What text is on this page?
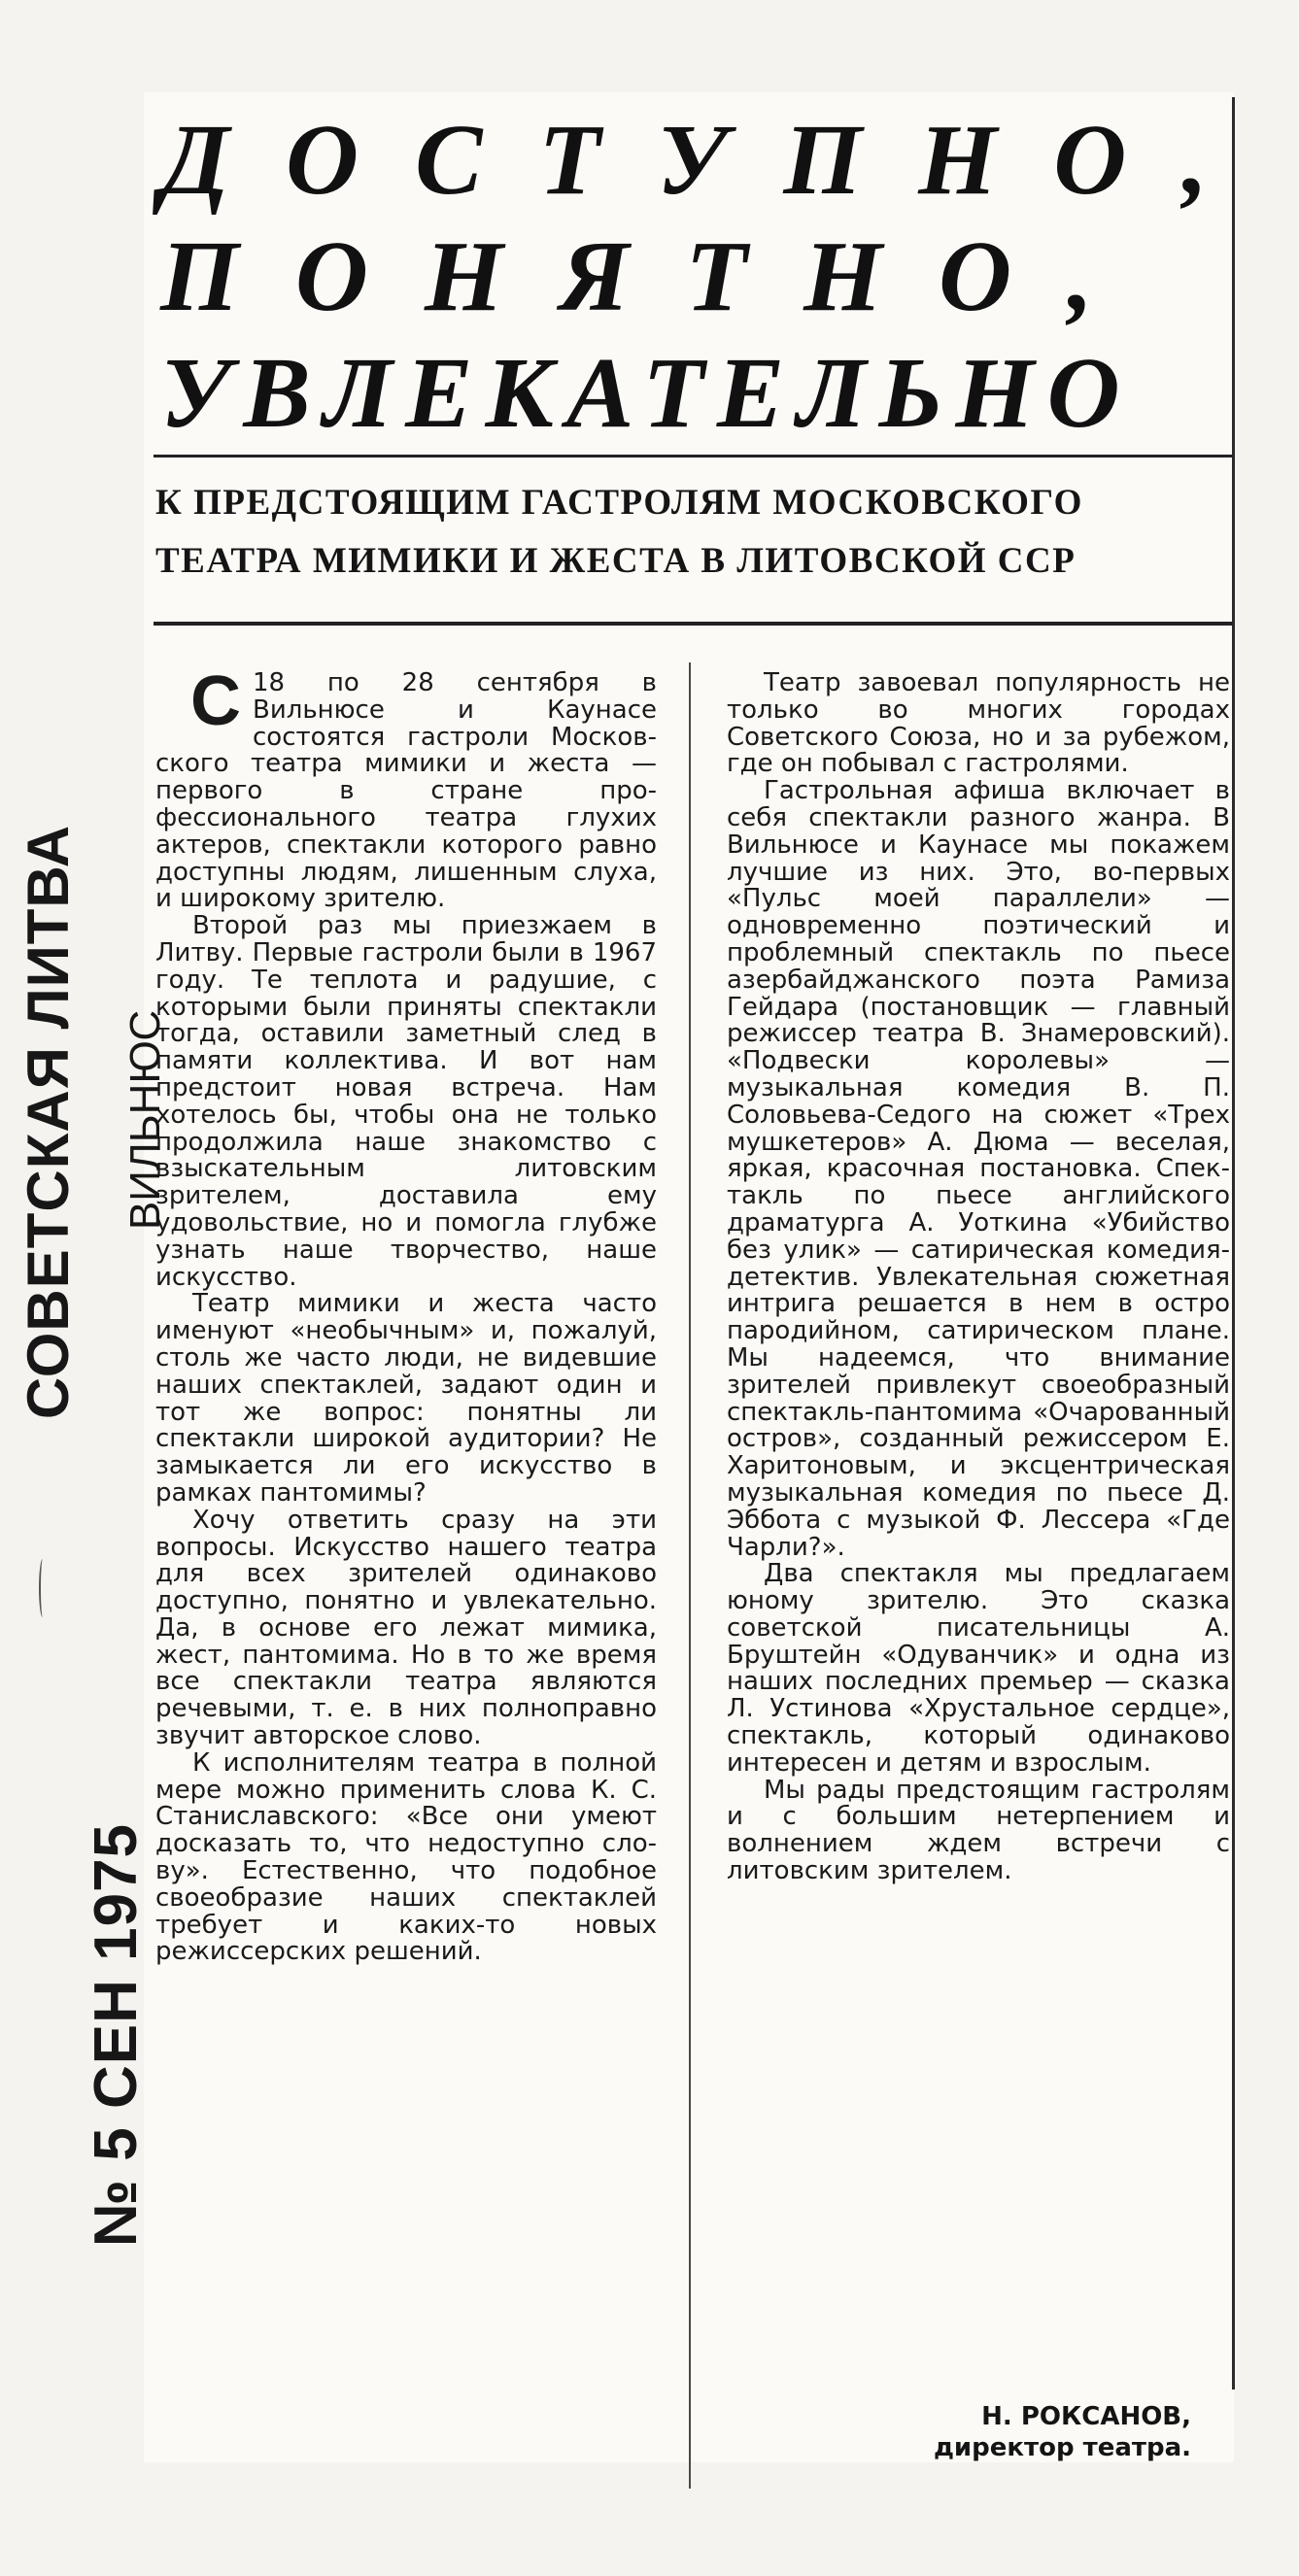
ДОСТУПНО,
ПОНЯТНО,
УВЛЕКАТЕЛЬНО
К ПРЕДСТОЯЩИМ ГАСТРОЛЯМ МОСКОВСКОГО
ТЕАТРА МИМИКИ И ЖЕСТА В ЛИТОВСКОЙ ССР

С 18 по 28 сентября в Вильнюсе и Каунасе состоятся гастроли Московского театра мимики и жеста — первого в стране профессионального театра глухих актеров, спектакли которого равно доступны людям, лишенным слуха, и широкому зрителю.

Второй раз мы приезжаем в Литву. Первые гастроли были в 1967 году. Те теплота и радушие, с которыми были приняты спектакли тогда, оставили заметный след в памяти коллектива. И вот нам предстоит новая встреча. Нам хотелось бы, чтобы она не только продолжила наше знакомство с взыскательным литовским зрителем, доставила ему удовольствие, но и помогла глубже узнать наше творчество, наше искусство.

Театр мимики и жеста часто именуют «необычным» и, пожалуй, столь же часто люди, не видевшие наших спектаклей, задают один и тот же вопрос: понятны ли спектакли широкой аудитории? Не замыкается ли его искусство в рамках пантомимы?

Хочу ответить сразу на эти вопросы. Искусство нашего театра для всех зрителей одинаково доступно, понятно и увлекательно. Да, в основе его лежат мимика, жест, пантомима. Но в то же время все спектакли театра являются речевыми, т. е. в них полноправно звучит авторское слово.

К исполнителям театра в полной мере можно применить слова К. С. Станиславского: «Все они умеют досказать то, что недоступно слову». Естественно, что подобное своеобразие наших спектаклей требует и каких-то новых режиссерских решений.

Театр завоевал популярность не только во многих городах Советского Союза, но и за рубежом, где он побывал с гастролями.

Гастрольная афиша включает в себя спектакли разного жанра. В Вильнюсе и Каунасе мы покажем лучшие из них. Это, во-первых «Пульс моей параллели» — одновременно поэтический и проблемный спектакль по пьесе азербайджанского поэта Рамиза Гейдара (постановщик — главный режиссер театра В. Знамеровский). «Подвески королевы» — музыкальная комедия В. П. Соловьева-Седого на сюжет «Трех мушкетеров» А. Дюма — веселая, яркая, красочная постановка. Спектакль по пьесе английского драматурга А. Уоткина «Убийство без улик» — сатирическая комедия-детектив. Увлекательная сюжетная интрига решается в нем в остро пародийном, сатирическом плане. Мы надеемся, что внимание зрителей привлекут своеобразный спектакль-пантомима «Очарованный остров», созданный режиссером Е. Харитоновым, и эксцентрическая музыкальная комедия по пьесе Д. Эббота с музыкой Ф. Лессера «Где Чарли?».

Два спектакля мы предлагаем юному зрителю. Это сказка советской писательницы А. Бруштейн «Одуванчик» и одна из наших последних премьер — сказка Л. Устинова «Хрустальное сердце», спектакль, который одинаково интересен и детям и взрослым.

Мы рады предстоящим гастролям и с большим нетерпением и волнением ждем встречи с литовским зрителем.

Н. РОКСАНОВ,
директор театра.
СОВЕТСКАЯ ЛИТВА ВИЛЬНЮС
№ 5 СЕН 1975
